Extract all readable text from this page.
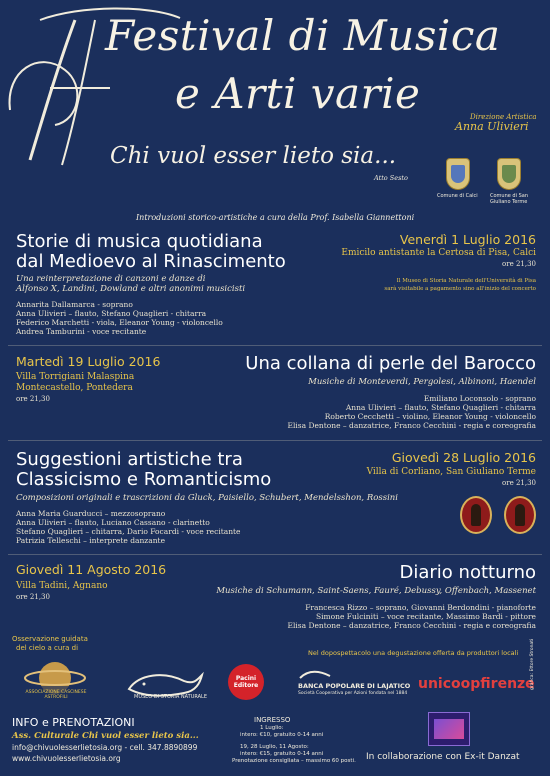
Festival di Musica
e Arti varie	Direzione Artistica
Anna Ulivieri
Chi vuol esser lieto sia...
Atto Sesto
Comune di Calci Comune di San Giuliano Terme
Introduzioni storico-artistiche a cura della Prof. Isabella Giannettoni
Storie di musica quotidiana
dal Medioevo al Rinascimento
Una reinterpretazione di canzoni e danze di
Alfonso X, Landini, Dowland e altri anonimi musicisti
Annarita Dallamarca - soprano
Anna Ulivieri – flauto, Stefano Quaglieri - chitarra
Federico Marchetti - viola, Eleanor Young - violoncello
Andrea Tamburini - voce recitante
Venerdì 1 Luglio 2016
Emicilo antistante la Certosa di Pisa, Calci
ore 21,30
Il Museo di Storia Naturale dell'Università di Pisa
sarà visitabile a pagamento sino all'inizio del concerto
Martedì 19 Luglio 2016
Villa Torrigiani Malaspina
Montecastello, Pontedera
ore 21,30
Una collana di perle del Barocco
Musiche di Monteverdi, Pergolesi, Albinoni, Haendel
Emiliano Loconsolo - soprano
Anna Ulivieri – flauto, Stefano Quaglieri - chitarra
Roberto Cecchetti – violino, Eleanor Young - violoncello
Elisa Dentone – danzatrice, Franco Cecchini - regia e coreografia
Suggestioni artistiche tra
Classicismo e Romanticismo
Composizioni originali e trascrizioni da Gluck, Paisiello, Schubert, Mendelsshon, Rossini
Anna Maria Guarducci – mezzosoprano
Anna Ulivieri – flauto, Luciano Cassano - clarinetto
Stefano Quaglieri – chitarra, Dario Focardi - voce recitante
Patrizia Telleschi – interprete danzante
Giovedì 28 Luglio 2016
Villa di Corliano, San Giuliano Terme
ore 21,30
Giovedì 11 Agosto 2016
Villa Tadini, Agnano
ore 21,30
Diario notturno
Musiche di Schumann, Saint-Saens, Fauré, Debussy, Offenbach, Massenet
Francesca Rizzo – soprano, Giovanni Berdondini - pianoforte
Simone Fulciniti – voce recitante, Massimo Bardi - pittore
Elisa Dentone – danzatrice, Franco Cecchini - regia e coreografia
Osservazione guidata
del cielo a cura di
ASSOCIAZIONE CASCINESE ASTROFILI
Nel dopospettacolo una degustazione offerta da produttori locali
MUSEO DI STORIA NATURALE
Pacini Editore	BANCA POPOLARE DI LAJATICO
Società Cooperativa per Azioni fondata nel 1884
unicoopfirenze
grafica: Ettore Stronati
INFO e PRENOTAZIONI
Ass. Culturale Chi vuol esser lieto sia...
info@chivuolesserlietosia.org - cell. 347.8890899
www.chivuolesserlietosia.org
INGRESSO
1 Luglio:
intero: €10, gratuito 0-14 anni
19, 28 Luglio, 11 Agosto:
intero: €15, gratuito 0-14 anni
Prenotazione consigliata – massimo 60 posti. In collaborazione con Ex-it Danzat
